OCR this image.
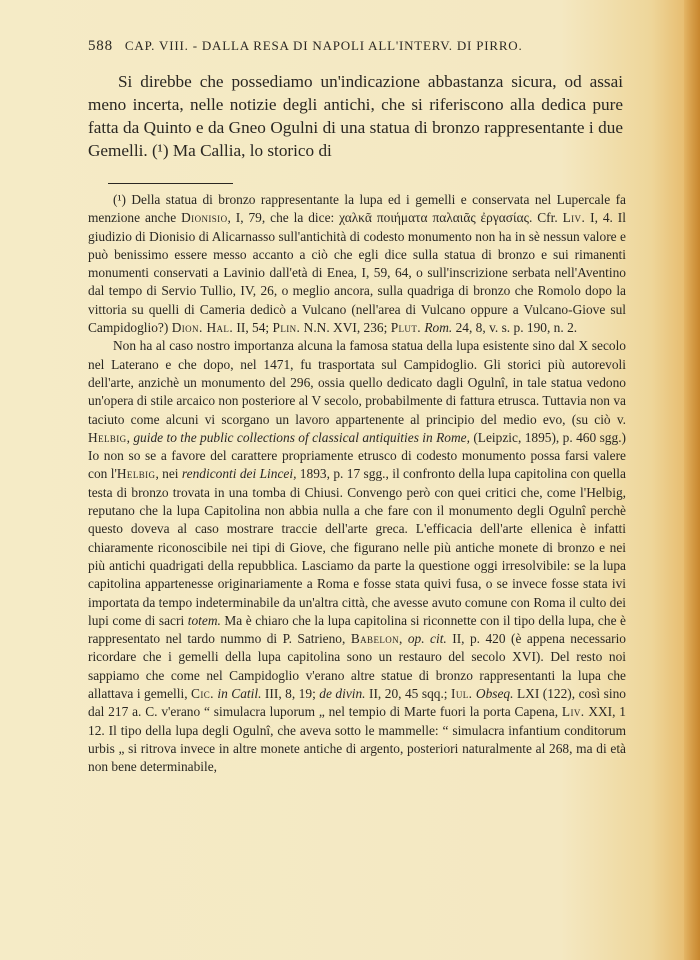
588 CAP. VIII. - DALLA RESA DI NAPOLI ALL'INTERV. DI PIRRO.

Si direbbe che possediamo un'indicazione abbastanza sicura, od assai meno incerta, nelle notizie degli antichi, che si riferiscono alla dedica pure fatta da Quinto e da Gneo Ogulni di una statua di bronzo rappresentante i due Gemelli. (¹) Ma Callia, lo storico di

(¹) Della statua di bronzo rappresentante la lupa ed i gemelli e conservata nel Lupercale fa menzione anche Dionisio, I, 79, che la dice: χαλκᾶ ποιήματα παλαιᾶς ἐργασίας. Cfr. Liv. I, 4. Il giudizio di Dionisio di Alicarnasso sull'antichità di codesto monumento non ha in sè nessun valore e può benissimo essere messo accanto a ciò che egli dice sulla statua di bronzo e sui rimanenti monumenti conservati a Lavinio dall'età di Enea, I, 59, 64, o sull'inscrizione serbata nell'Aventino dal tempo di Servio Tullio, IV, 26, o meglio ancora, sulla quadriga di bronzo che Romolo dopo la vittoria su quelli di Cameria dedicò a Vulcano (nell'area di Vulcano oppure a Vulcano-Giove sul Campidoglio?) Dion. Hal. II, 54; Plin. N.N. XVI, 236; Plut. Rom. 24, 8, v. s. p. 190, n. 2.

Non ha al caso nostro importanza alcuna la famosa statua della lupa esistente sino dal X secolo nel Laterano e che dopo, nel 1471, fu trasportata sul Campidoglio. Gli storici più autorevoli dell'arte, anzichè un monumento del 296, ossia quello dedicato dagli Ogulnî, in tale statua vedono un'opera di stile arcaico non posteriore al V secolo, probabilmente di fattura etrusca. Tuttavia non va taciuto come alcuni vi scorgano un lavoro appartenente al principio del medio evo, (su ciò v. Helbig, guide to the public collections of classical antiquities in Rome, (Leipzic, 1895), p. 460 sgg.) Io non so se a favore del carattere propriamente etrusco di codesto monumento possa farsi valere con l'Helbig, nei rendiconti dei Lincei, 1893, p. 17 sgg., il confronto della lupa capitolina con quella testa di bronzo trovata in una tomba di Chiusi. Convengo però con quei critici che, come l'Helbig, reputano che la lupa Capitolina non abbia nulla a che fare con il monumento degli Ogulnî perchè questo doveva al caso mostrare traccie dell'arte greca. L'efficacia dell'arte ellenica è infatti chiaramente riconoscibile nei tipi di Giove, che figurano nelle più antiche monete di bronzo e nei più antichi quadrigati della repubblica. Lasciamo da parte la questione oggi irresolvibile: se la lupa capitolina appartenesse originariamente a Roma e fosse stata quivi fusa, o se invece fosse stata ivi importata da tempo indeterminabile da un'altra città, che avesse avuto comune con Roma il culto dei lupi come di sacri totem. Ma è chiaro che la lupa capitolina si riconnette con il tipo della lupa, che è rappresentato nel tardo nummo di P. Satrieno, Babelon, op. cit. II, p. 420 (è appena necessario ricordare che i gemelli della lupa capitolina sono un restauro del secolo XVI). Del resto noi sappiamo che come nel Campidoglio v'erano altre statue di bronzo rappresentanti la lupa che allattava i gemelli, Cic. in Catil. III, 8, 19; de divin. II, 20, 45 sqq.; Iul. Obseq. LXI (122), così sino dal 217 a. C. v'erano “ simulacra luporum „ nel tempio di Marte fuori la porta Capena, Liv. XXI, 1 12. Il tipo della lupa degli Ogulnî, che aveva sotto le mammelle: “ simulacra infantium conditorum urbis „ si ritrova invece in altre monete antiche di argento, posteriori naturalmente al 268, ma di età non bene determinabile,
